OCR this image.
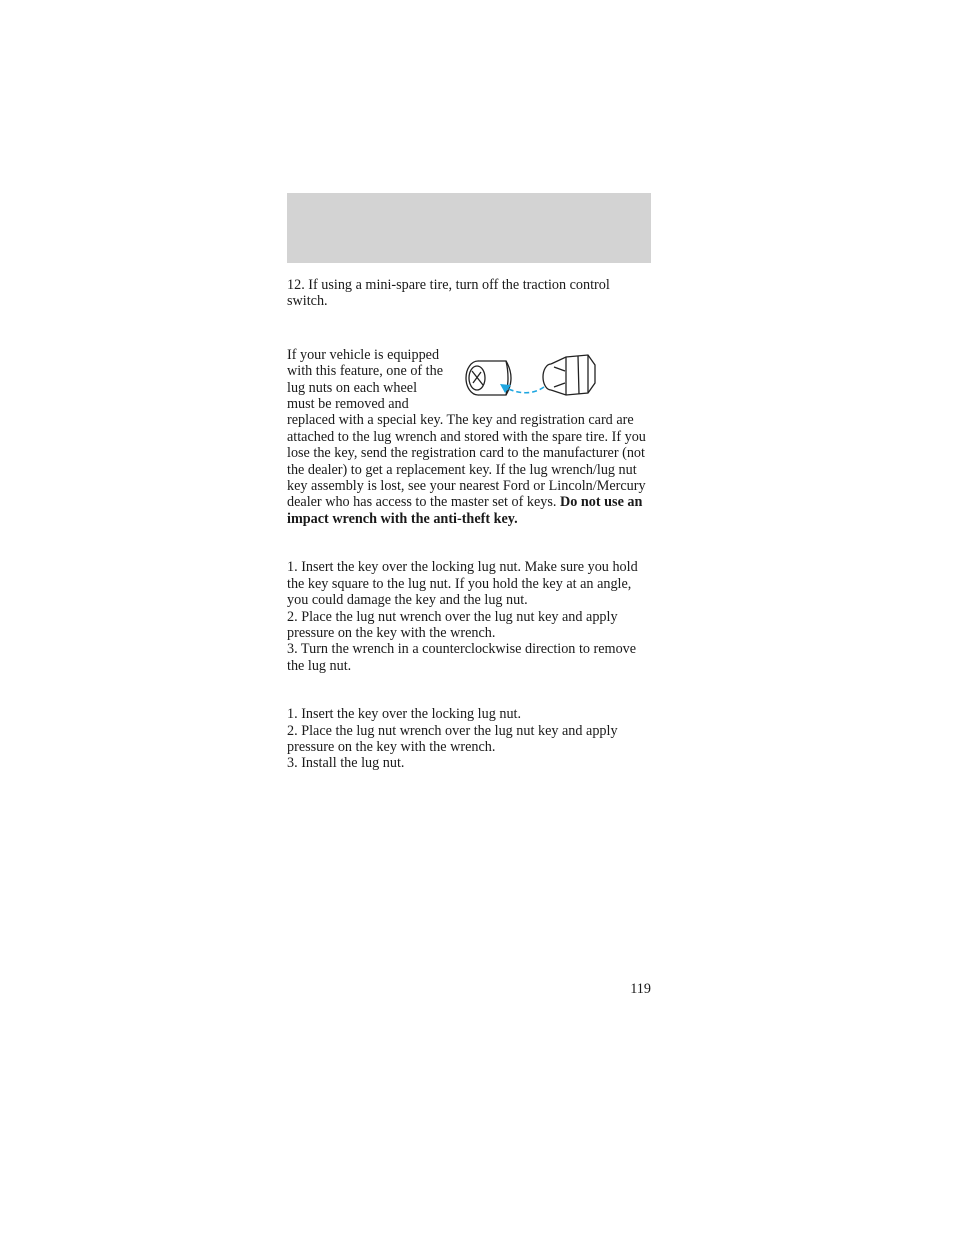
12. If using a mini-spare tire, turn off the traction control switch.

If your vehicle is equipped with this feature, one of the lug nuts on each wheel must be removed and replaced with a special key. The key and registration card are attached to the lug wrench and stored with the spare tire. If you lose the key, send the registration card to the manufacturer (not the dealer) to get a replacement key. If the lug wrench/lug nut key assembly is lost, see your nearest Ford or Lincoln/Mercury dealer who has access to the master set of keys. Do not use an impact wrench with the anti-theft key.

1. Insert the key over the locking lug nut. Make sure you hold the key square to the lug nut. If you hold the key at an angle, you could damage the key and the lug nut.

2. Place the lug nut wrench over the lug nut key and apply pressure on the key with the wrench.

3. Turn the wrench in a counterclockwise direction to remove the lug nut.

1. Insert the key over the locking lug nut.

2. Place the lug nut wrench over the lug nut key and apply pressure on the key with the wrench.

3. Install the lug nut.

119
